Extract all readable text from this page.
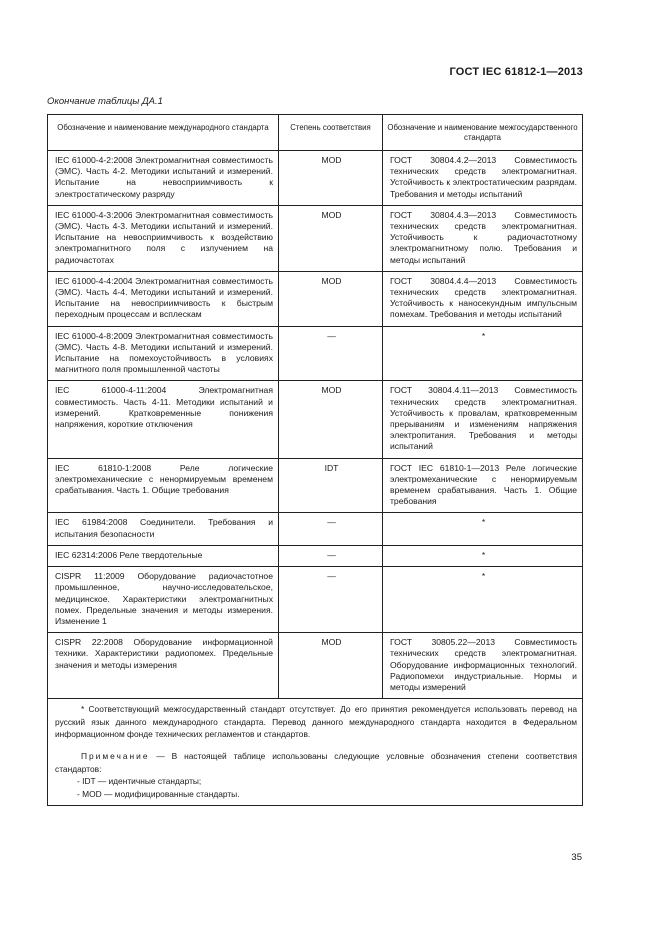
ГОСТ IEC 61812-1—2013
Окончание таблицы ДА.1
Обозначение и наименование международного стандарта	Степень соответствия	Обозначение и наименование межгосударственного стандарта
IEC 61000-4-2:2008 Электромагнитная совместимость (ЭМС). Часть 4-2. Методики испытаний и измерений. Испытание на невосприимчивость к электростатическому разряду	MOD	ГОСТ 30804.4.2—2013 Совместимость технических средств электромагнитная. Устойчивость к электростатическим разрядам. Требования и методы испытаний
IEC 61000-4-3:2006 Электромагнитная совместимость (ЭМС). Часть 4-3. Методики испытаний и измерений. Испытание на невосприимчивость к воздействию электромагнитного поля с излучением на радиочастотах	MOD	ГОСТ 30804.4.3—2013 Совместимость технических средств электромагнитная. Устойчивость к радиочастотному электромагнитному полю. Требования и методы испытаний
IEC 61000-4-4:2004 Электромагнитная совместимость (ЭМС). Часть 4-4. Методики испытаний и измерений. Испытание на невосприимчивость к быстрым переходным процессам и всплескам	MOD	ГОСТ 30804.4.4—2013 Совместимость технических средств электромагнитная. Устойчивость к наносекундным импульсным помехам. Требования и методы испытаний
IEC 61000-4-8:2009 Электромагнитная совместимость (ЭМС). Часть 4-8. Методики испытаний и измерений. Испытание на помехоустойчивость в условиях магнитного поля промышленной частоты	—	*
IEC 61000-4-11:2004 Электромагнитная совместимость. Часть 4-11. Методики испытаний и измерений. Кратковременные понижения напряжения, короткие отключения	MOD	ГОСТ 30804.4.11—2013 Совместимость технических средств электромагнитная. Устойчивость к провалам, кратковременным прерываниям и изменениям напряжения электропитания. Требования и методы испытаний
IEC 61810-1:2008 Реле логические электромеханические с ненормируемым временем срабатывания. Часть 1. Общие требования	IDT	ГОСТ IEC 61810-1—2013 Реле логические электромеханические с ненормируемым временем срабатывания. Часть 1. Общие требования
IEC 61984:2008 Соединители. Требования и испытания безопасности	—	*
IEC 62314:2006 Реле твердотельные	—	*
CISPR 11:2009 Оборудование радиочастотное промышленное, научно-исследовательское, медицинское. Характеристики электромагнитных помех. Предельные значения и методы измерения. Изменение 1	—	*
CISPR 22:2008 Оборудование информационной техники. Характеристики радиопомех. Предельные значения и методы измерения	MOD	ГОСТ 30805.22—2013 Совместимость технических средств электромагнитная. Оборудование информационных технологий. Радиопомехи индустриальные. Нормы и методы измерений

* Соответствующий межгосударственный стандарт отсутствует. До его принятия рекомендуется использовать перевод на русский язык данного международного стандарта. Перевод данного международного стандарта находится в Федеральном информационном фонде технических регламентов и стандартов.

Примечание — В настоящей таблице использованы следующие условные обозначения степени соответствия стандартов:

- IDT — идентичные стандарты;
- MOD — модифицированные стандарты.		
35
